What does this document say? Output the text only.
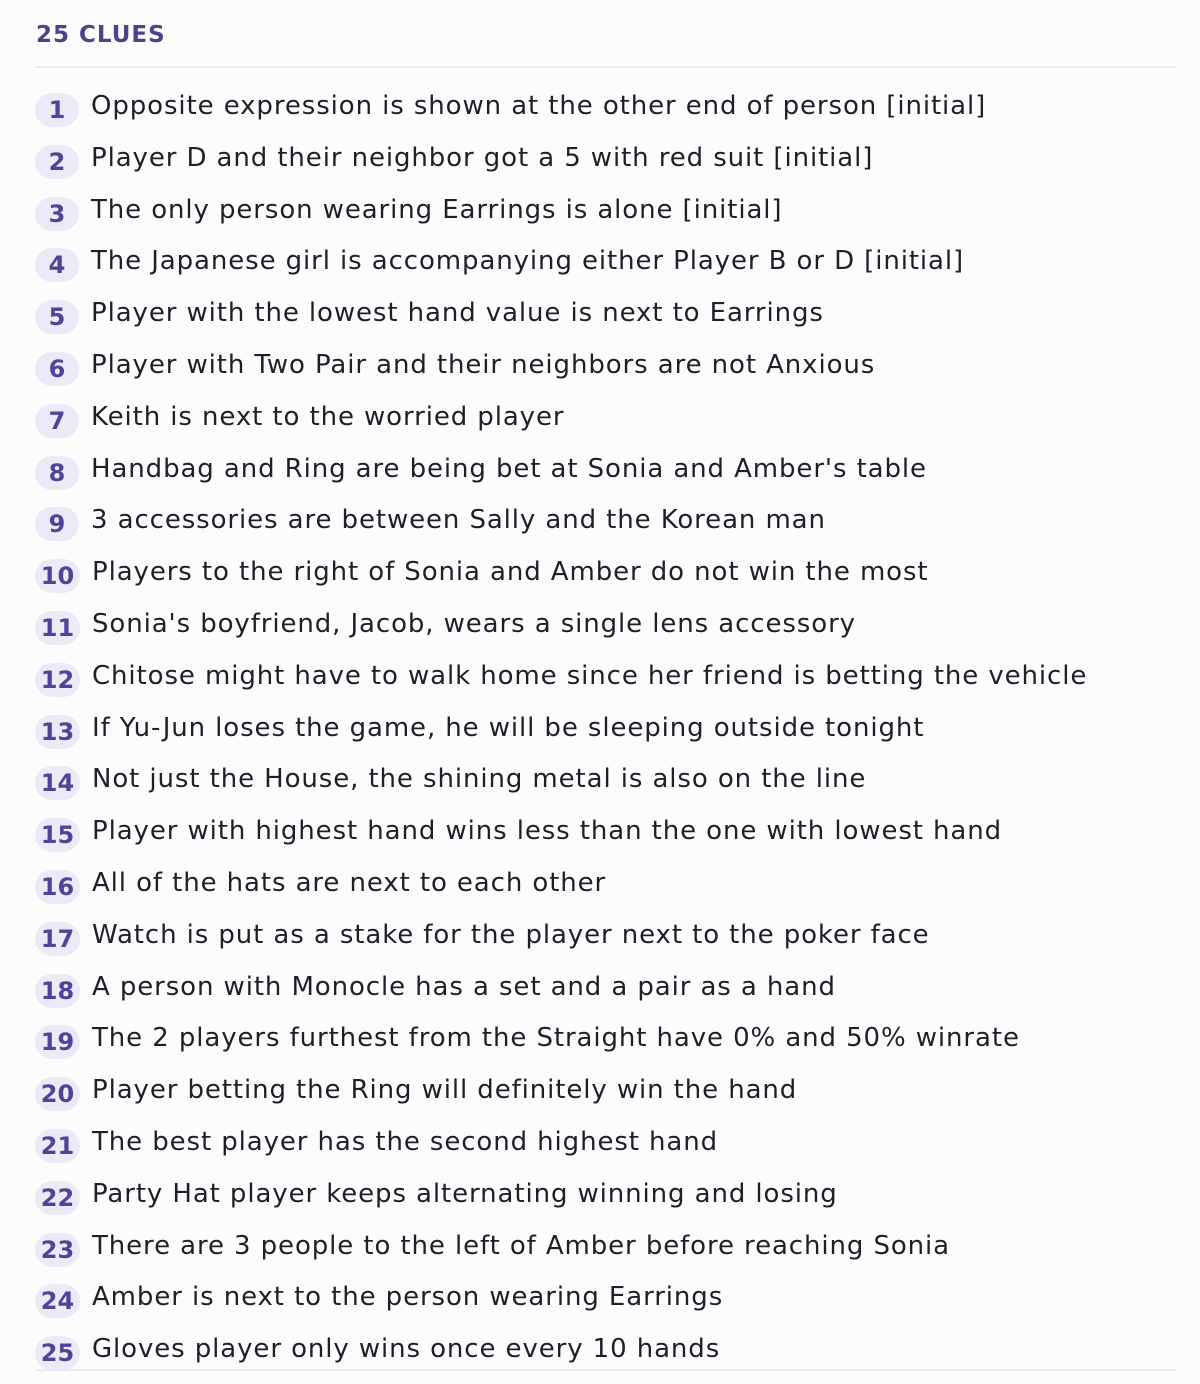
25 CLUES
1 Opposite expression is shown at the other end of person [initial]
2 Player D and their neighbor got a 5 with red suit [initial]
3 The only person wearing Earrings is alone [initial]
4 The Japanese girl is accompanying either Player B or D [initial]
5 Player with the lowest hand value is next to Earrings
6 Player with Two Pair and their neighbors are not Anxious
7 Keith is next to the worried player
8 Handbag and Ring are being bet at Sonia and Amber's table
9 3 accessories are between Sally and the Korean man
10 Players to the right of Sonia and Amber do not win the most
11 Sonia's boyfriend, Jacob, wears a single lens accessory
12 Chitose might have to walk home since her friend is betting the vehicle
13 If Yu-Jun loses the game, he will be sleeping outside tonight
14 Not just the House, the shining metal is also on the line
15 Player with highest hand wins less than the one with lowest hand
16 All of the hats are next to each other
17 Watch is put as a stake for the player next to the poker face
18 A person with Monocle has a set and a pair as a hand
19 The 2 players furthest from the Straight have 0% and 50% winrate
20 Player betting the Ring will definitely win the hand
21 The best player has the second highest hand
22 Party Hat player keeps alternating winning and losing
23 There are 3 people to the left of Amber before reaching Sonia
24 Amber is next to the person wearing Earrings
25 Gloves player only wins once every 10 hands
